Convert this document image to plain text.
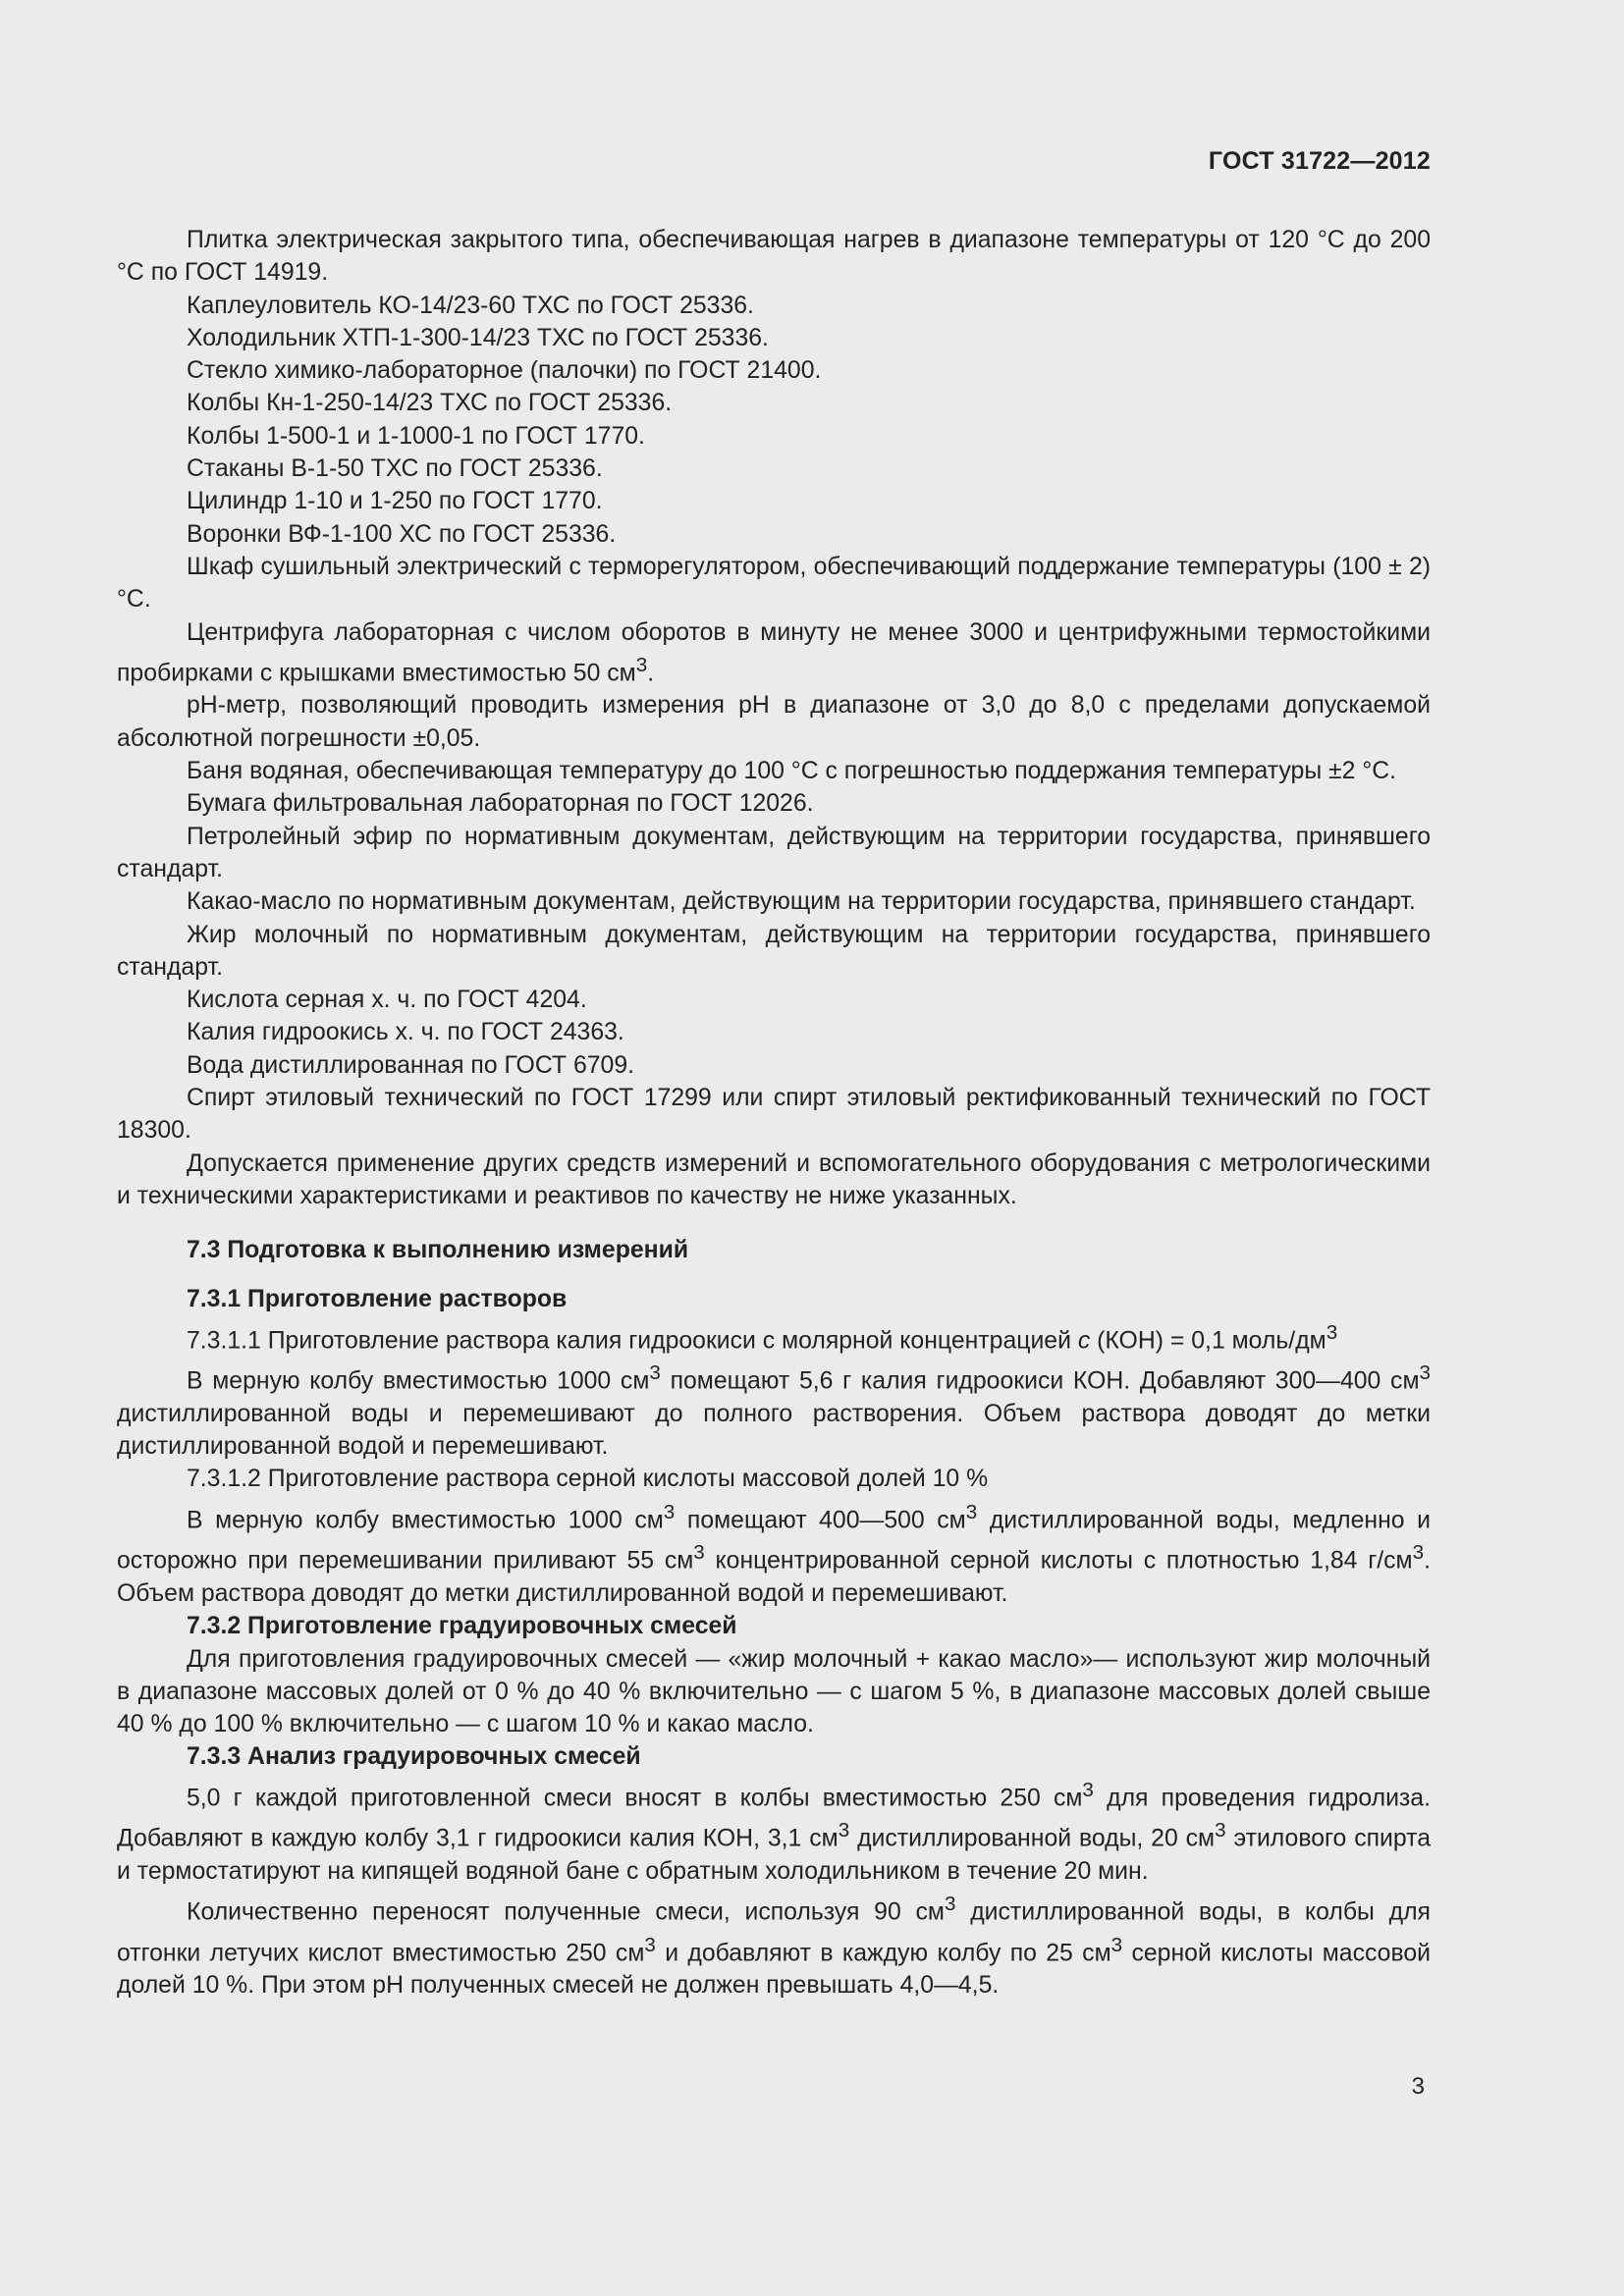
ГОСТ 31722—2012

Плитка электрическая закрытого типа, обеспечивающая нагрев в диапазоне температуры от 120 °C до 200 °C по ГОСТ 14919.

Каплеуловитель КО-14/23-60 ТХС по ГОСТ 25336.

Холодильник ХТП-1-300-14/23 ТХС по ГОСТ 25336.

Стекло химико-лабораторное (палочки) по ГОСТ 21400.

Колбы Кн-1-250-14/23 ТХС по ГОСТ 25336.

Колбы 1-500-1 и 1-1000-1 по ГОСТ 1770.

Стаканы В-1-50 ТХС по ГОСТ 25336.

Цилиндр 1-10 и 1-250 по ГОСТ 1770.

Воронки ВФ-1-100 ХС по ГОСТ 25336.

Шкаф сушильный электрический с терморегулятором, обеспечивающий поддержание температуры (100 ± 2) °C.

Центрифуга лабораторная с числом оборотов в минуту не менее 3000 и центрифужными термостойкими пробирками с крышками вместимостью 50 $см^3$.

рН-метр, позволяющий проводить измерения рН в диапазоне от 3,0 до 8,0 с пределами допускаемой абсолютной погрешности ±0,05.

Баня водяная, обеспечивающая температуру до 100 °C с погрешностью поддержания температуры ±2 °C.

Бумага фильтровальная лабораторная по ГОСТ 12026.

Петролейный эфир по нормативным документам, действующим на территории государства, принявшего стандарт.

Какао-масло по нормативным документам, действующим на территории государства, принявшего стандарт.

Жир молочный по нормативным документам, действующим на территории государства, принявшего стандарт.

Кислота серная х. ч. по ГОСТ 4204.

Калия гидроокись х. ч. по ГОСТ 24363.

Вода дистиллированная по ГОСТ 6709.

Спирт этиловый технический по ГОСТ 17299 или спирт этиловый ректификованный технический по ГОСТ 18300.

Допускается применение других средств измерений и вспомогательного оборудования с метрологическими и техническими характеристиками и реактивов по качеству не ниже указанных.

7.3 Подготовка к выполнению измерений

7.3.1 Приготовление растворов

7.3.1.1 Приготовление раствора калия гидроокиси с молярной концентрацией c (КОН) = 0,1 моль/$дм^3$

В мерную колбу вместимостью 1000 $см^3$ помещают 5,6 г калия гидроокиси КОН. Добавляют 300—400 $см^3$ дистиллированной воды и перемешивают до полного растворения. Объем раствора доводят до метки дистиллированной водой и перемешивают.

7.3.1.2 Приготовление раствора серной кислоты массовой долей 10 %

В мерную колбу вместимостью 1000 $см^3$ помещают 400—500 $см^3$ дистиллированной воды, медленно и осторожно при перемешивании приливают 55 $см^3$ концентрированной серной кислоты с плотностью 1,84 $г/см^3$. Объем раствора доводят до метки дистиллированной водой и перемешивают.

7.3.2 Приготовление градуировочных смесей

Для приготовления градуировочных смесей — «жир молочный + какао масло»— используют жир молочный в диапазоне массовых долей от 0 % до 40 % включительно — с шагом 5 %, в диапазоне массовых долей свыше 40 % до 100 % включительно — с шагом 10 % и какао масло.

7.3.3 Анализ градуировочных смесей

5,0 г каждой приготовленной смеси вносят в колбы вместимостью 250 $см^3$ для проведения гидролиза. Добавляют в каждую колбу 3,1 г гидроокиси калия КОН, 3,1 $см^3$ дистиллированной воды, 20 $см^3$ этилового спирта и термостатируют на кипящей водяной бане с обратным холодильником в течение 20 мин.

Количественно переносят полученные смеси, используя 90 $см^3$ дистиллированной воды, в колбы для отгонки летучих кислот вместимостью 250 $см^3$ и добавляют в каждую колбу по 25 $см^3$ серной кислоты массовой долей 10 %. При этом рН полученных смесей не должен превышать 4,0—4,5.

3
